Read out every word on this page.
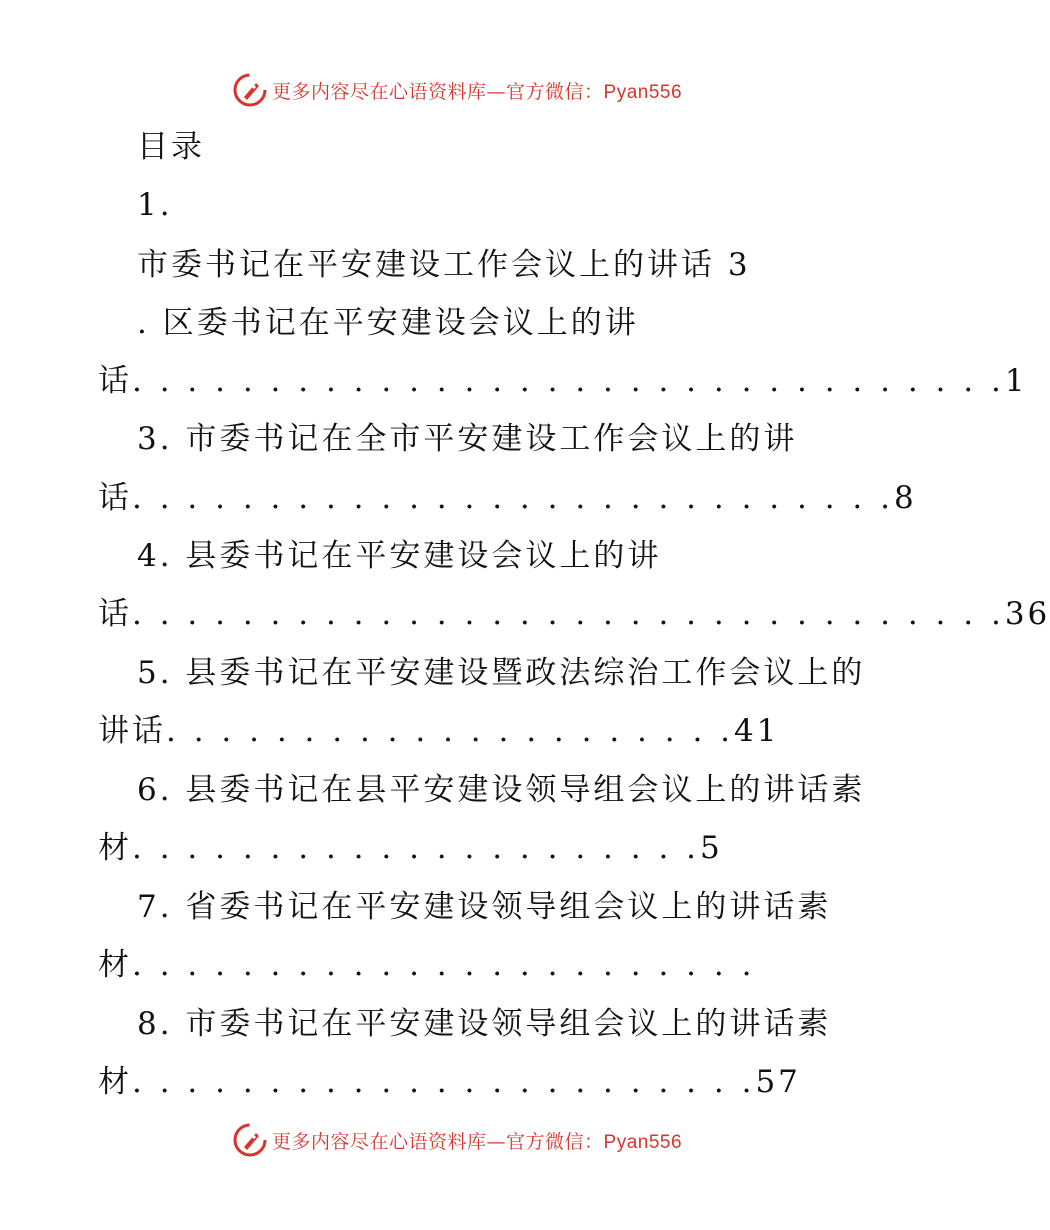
更多内容尽在心语资料库—官方微信：Pyan556
目录
1.
市委书记在平安建设工作会议上的讲话 3
. 区委书记在平安建设会议上的讲
话. . . . . . . . . . . . . . . . . . . . . . . . . . . . . . . .1
3. 市委书记在全市平安建设工作会议上的讲
话. . . . . . . . . . . . . . . . . . . . . . . . . . . .8
4. 县委书记在平安建设会议上的讲
话. . . . . . . . . . . . . . . . . . . . . . . . . . . . . . . .36
5. 县委书记在平安建设暨政法综治工作会议上的
讲话. . . . . . . . . . . . . . . . . . . . .41
6. 县委书记在县平安建设领导组会议上的讲话素
材. . . . . . . . . . . . . . . . . . . . .5
7. 省委书记在平安建设领导组会议上的讲话素
材. . . . . . . . . . . . . . . . . . . . . . .
8. 市委书记在平安建设领导组会议上的讲话素
材. . . . . . . . . . . . . . . . . . . . . . .57
更多内容尽在心语资料库—官方微信：Pyan556
